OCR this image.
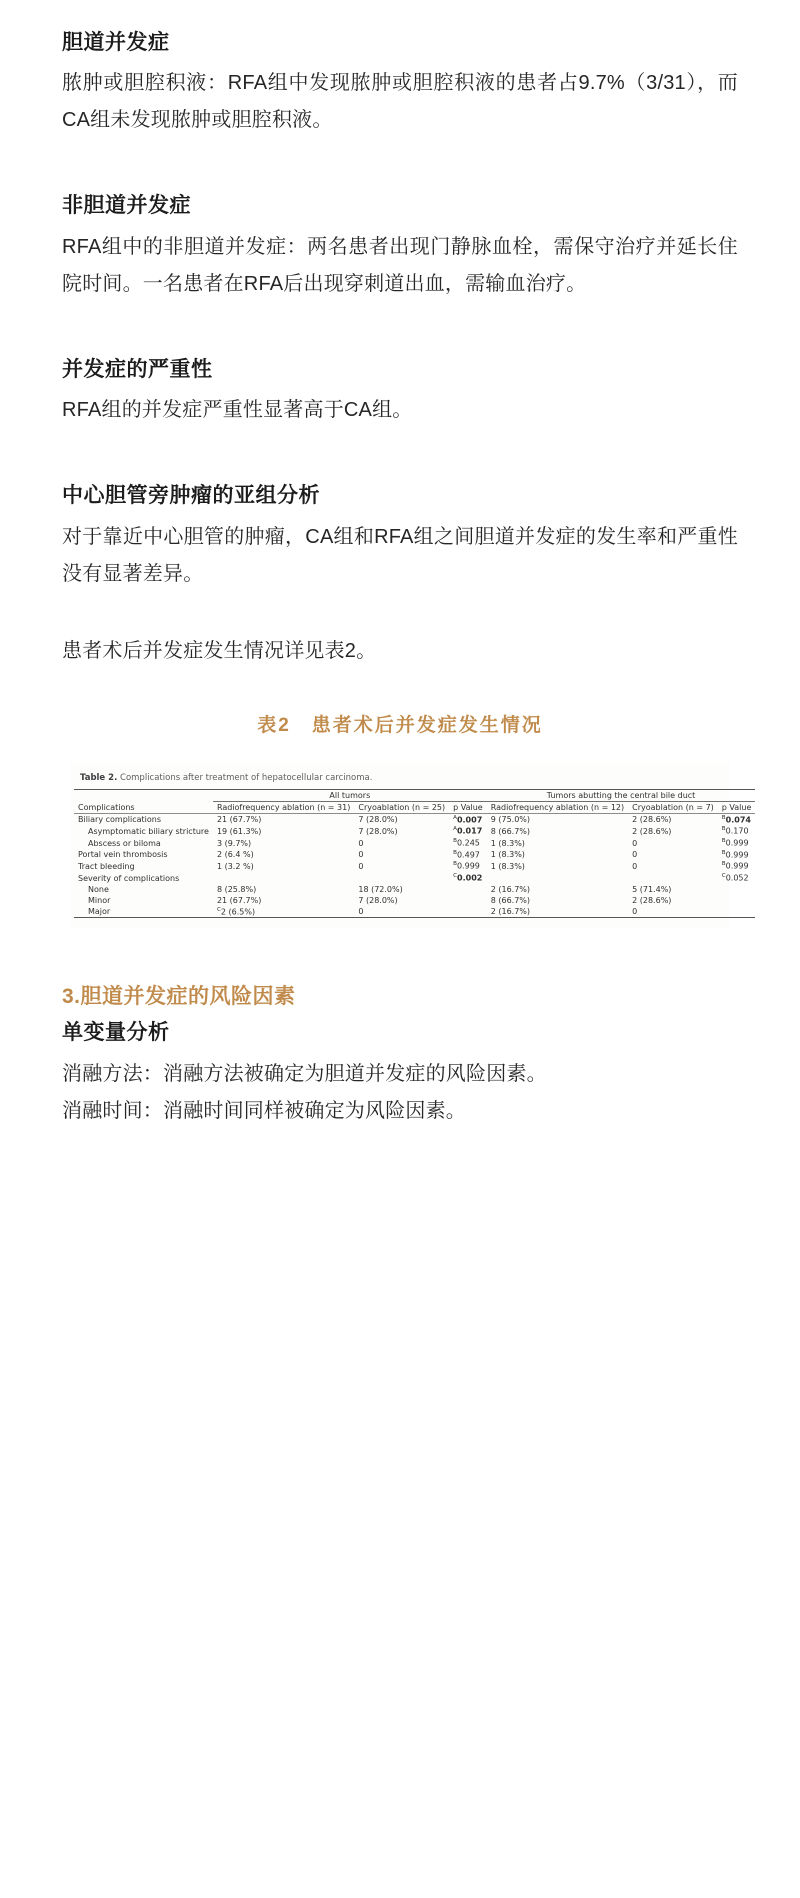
胆道并发症

脓肿或胆腔积液：RFA组中发现脓肿或胆腔积液的患者占9.7%（3/31），而CA组未发现脓肿或胆腔积液。

非胆道并发症

RFA组中的非胆道并发症：两名患者出现门静脉血栓，需保守治疗并延长住院时间。一名患者在RFA后出现穿刺道出血，需输血治疗。

并发症的严重性

RFA组的并发症严重性显著高于CA组。

中心胆管旁肿瘤的亚组分析

对于靠近中心胆管的肿瘤，CA组和RFA组之间胆道并发症的发生率和严重性没有显著差异。

患者术后并发症发生情况详见表2。

表2　患者术后并发症发生情况

Table 2. Complications after treatment of hepatocellular carcinoma.
	All tumors			Tumors abutting the central bile duct		
Complications	Radiofrequency ablation (n = 31)	Cryoablation (n = 25)	p Value	Radiofrequency ablation (n = 12)	Cryoablation (n = 7)	p Value
Biliary complications	21 (67.7%)	7 (28.0%)	$^A$0.007	9 (75.0%)	2 (28.6%)	$^B$0.074
Asymptomatic biliary stricture	19 (61.3%)	7 (28.0%)	$^A$0.017	8 (66.7%)	2 (28.6%)	$^B$0.170
Abscess or biloma	3 (9.7%)	0	$^B$0.245	1 (8.3%)	0	$^B$0.999
Portal vein thrombosis	2 (6.4 %)	0	$^B$0.497	1 (8.3%)	0	$^B$0.999
Tract bleeding	1 (3.2 %)	0	$^B$0.999	1 (8.3%)	0	$^B$0.999
Severity of complications			$^C$0.002			$^C$0.052
None	8 (25.8%)	18 (72.0%)		2 (16.7%)	5 (71.4%)	
Minor	21 (67.7%)	7 (28.0%)		8 (66.7%)	2 (28.6%)	
Major	$^C$2 (6.5%)	0		2 (16.7%)	0	
3.胆道并发症的风险因素
单变量分析

消融方法：消融方法被确定为胆道并发症的风险因素。

消融时间：消融时间同样被确定为风险因素。
